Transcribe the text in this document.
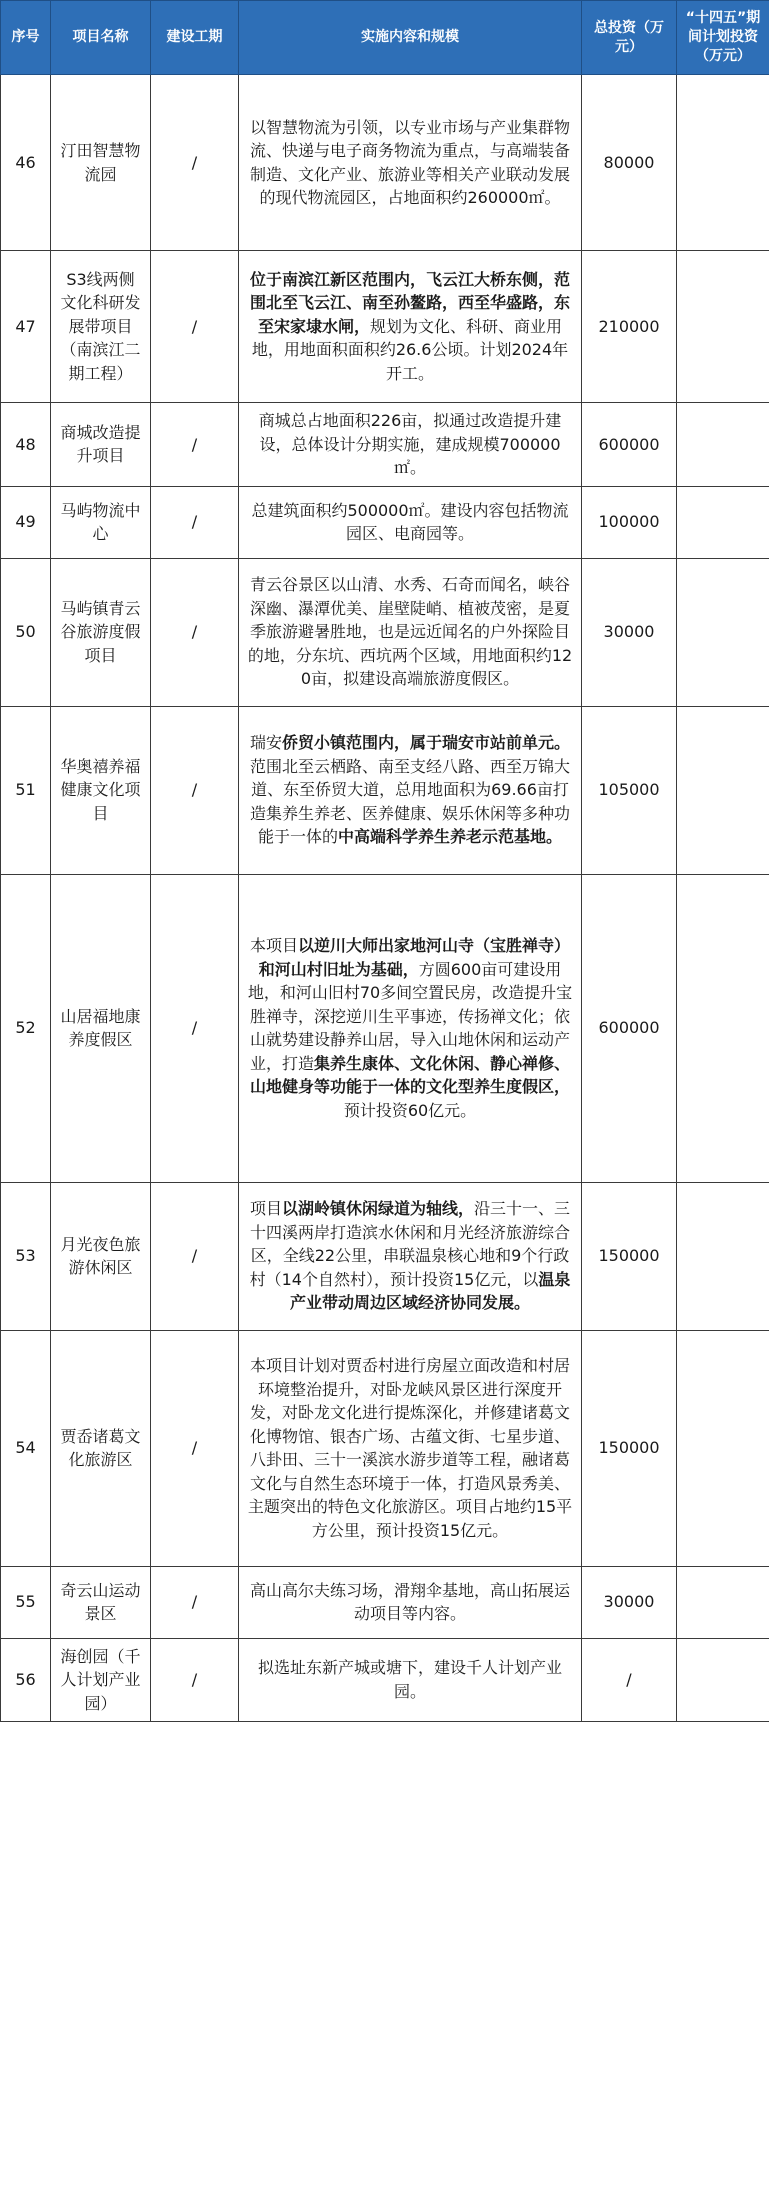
序号	项目名称	建设工期	实施内容和规模	总投资（万元）	“十四五”期间计划投资（万元）
46	汀田智慧物流园	/	以智慧物流为引领，以专业市场与产业集群物流、快递与电子商务物流为重点，与高端装备制造、文化产业、旅游业等相关产业联动发展的现代物流园区，占地面积约260000㎡。	80000	
47	S3线两侧文化科研发展带项目（南滨江二期工程）	/	位于南滨江新区范围内，飞云江大桥东侧，范围北至飞云江、南至孙鳌路，西至华盛路，东至宋家埭水闸，规划为文化、科研、商业用地，用地面积面积约26.6公顷。计划2024年开工。	210000	
48	商城改造提升项目	/	商城总占地面积226亩，拟通过改造提升建设，总体设计分期实施，建成规模700000㎡。	600000	
49	马屿物流中心	/	总建筑面积约500000㎡。建设内容包括物流园区、电商园等。	100000	
50	马屿镇青云谷旅游度假项目	/	青云谷景区以山清、水秀、石奇而闻名，峡谷深幽、瀑潭优美、崖壁陡峭、植被茂密，是夏季旅游避暑胜地，也是远近闻名的户外探险目的地，分东坑、西坑两个区域，用地面积约120亩，拟建设高端旅游度假区。	30000	
51	华奥禧养福健康文化项目	/	瑞安侨贸小镇范围内，属于瑞安市站前单元。范围北至云栖路、南至支经八路、西至万锦大道、东至侨贸大道，总用地面积为69.66亩打造集养生养老、医养健康、娱乐休闲等多种功能于一体的中高端科学养生养老示范基地。	105000	
52	山居福地康养度假区	/	本项目以逆川大师出家地河山寺（宝胜禅寺）和河山村旧址为基础，方圆600亩可建设用地，和河山旧村70多间空置民房，改造提升宝胜禅寺，深挖逆川生平事迹，传扬禅文化；依山就势建设静养山居，导入山地休闲和运动产业，打造集养生康体、文化休闲、静心禅修、山地健身等功能于一体的文化型养生度假区，预计投资60亿元。	600000	
53	月光夜色旅游休闲区	/	项目以湖岭镇休闲绿道为轴线，沿三十一、三十四溪两岸打造滨水休闲和月光经济旅游综合区，全线22公里，串联温泉核心地和9个行政村（14个自然村），预计投资15亿元，以温泉产业带动周边区域经济协同发展。	150000	
54	贾岙诸葛文化旅游区	/	本项目计划对贾岙村进行房屋立面改造和村居环境整治提升，对卧龙峡风景区进行深度开发，对卧龙文化进行提炼深化，并修建诸葛文化博物馆、银杏广场、古蕴文街、七星步道、八卦田、三十一溪滨水游步道等工程，融诸葛文化与自然生态环境于一体，打造风景秀美、主题突出的特色文化旅游区。项目占地约15平方公里，预计投资15亿元。	150000	
55	奇云山运动景区	/	高山高尔夫练习场，滑翔伞基地，高山拓展运动项目等内容。	30000	
56	海创园（千人计划产业园）	/	拟选址东新产城或塘下，建设千人计划产业园。	/	
